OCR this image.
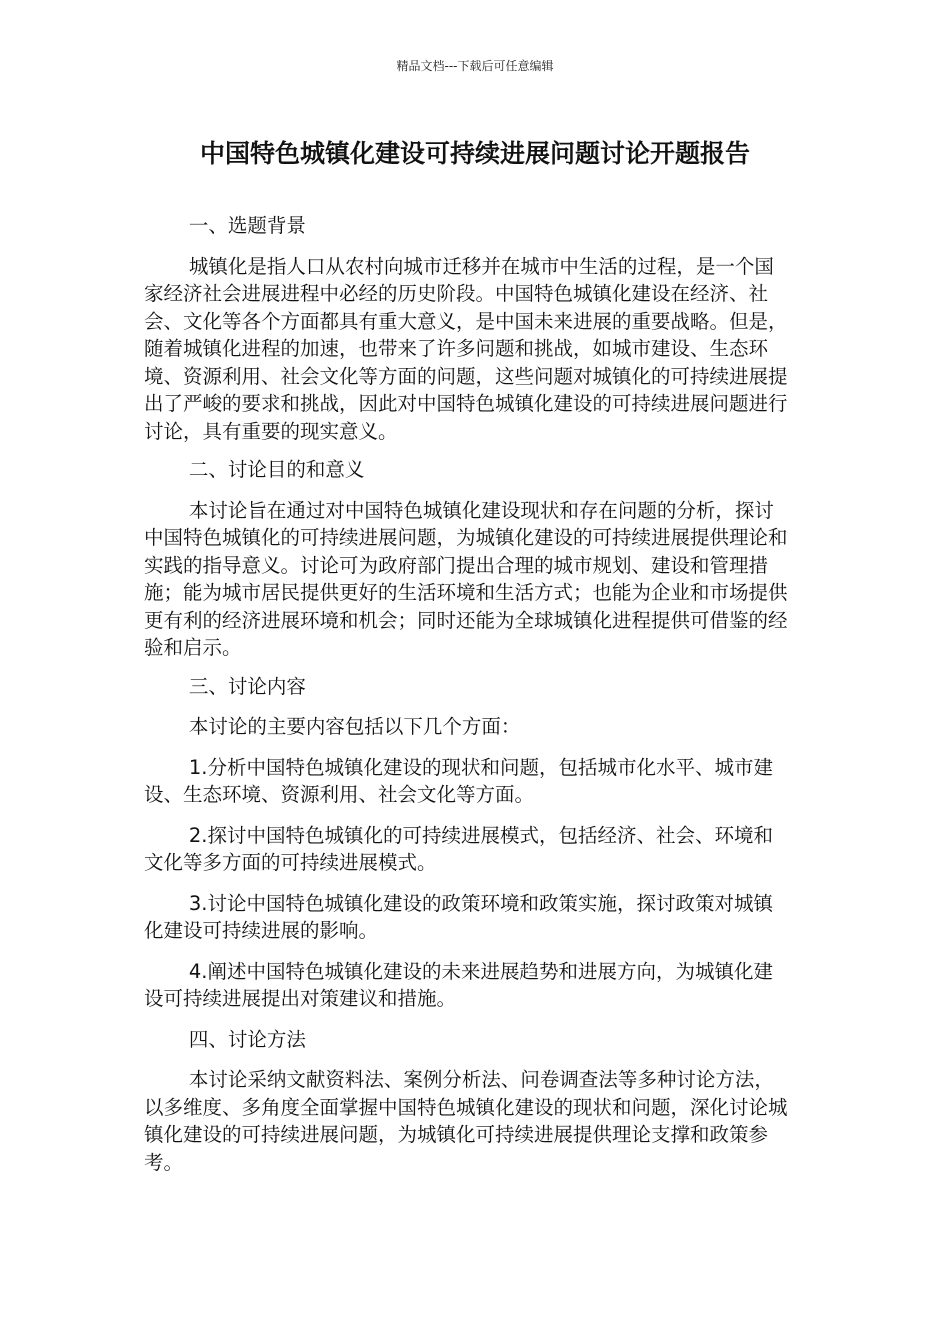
精品文档---下载后可任意编辑
中国特色城镇化建设可持续进展问题讨论开题报告

一、选题背景

城镇化是指人口从农村向城市迁移并在城市中生活的过程，是一个国家经济社会进展进程中必经的历史阶段。中国特色城镇化建设在经济、社会、文化等各个方面都具有重大意义，是中国未来进展的重要战略。但是，随着城镇化进程的加速，也带来了许多问题和挑战，如城市建设、生态环境、资源利用、社会文化等方面的问题，这些问题对城镇化的可持续进展提出了严峻的要求和挑战，因此对中国特色城镇化建设的可持续进展问题进行讨论，具有重要的现实意义。

二、讨论目的和意义

本讨论旨在通过对中国特色城镇化建设现状和存在问题的分析，探讨中国特色城镇化的可持续进展问题，为城镇化建设的可持续进展提供理论和实践的指导意义。讨论可为政府部门提出合理的城市规划、建设和管理措施；能为城市居民提供更好的生活环境和生活方式；也能为企业和市场提供更有利的经济进展环境和机会；同时还能为全球城镇化进程提供可借鉴的经验和启示。

三、讨论内容

本讨论的主要内容包括以下几个方面：

1.分析中国特色城镇化建设的现状和问题，包括城市化水平、城市建设、生态环境、资源利用、社会文化等方面。

2.探讨中国特色城镇化的可持续进展模式，包括经济、社会、环境和文化等多方面的可持续进展模式。

3.讨论中国特色城镇化建设的政策环境和政策实施，探讨政策对城镇化建设可持续进展的影响。

4.阐述中国特色城镇化建设的未来进展趋势和进展方向，为城镇化建设可持续进展提出对策建议和措施。

四、讨论方法

本讨论采纳文献资料法、案例分析法、问卷调查法等多种讨论方法，以多维度、多角度全面掌握中国特色城镇化建设的现状和问题，深化讨论城镇化建设的可持续进展问题，为城镇化可持续进展提供理论支撑和政策参考。
